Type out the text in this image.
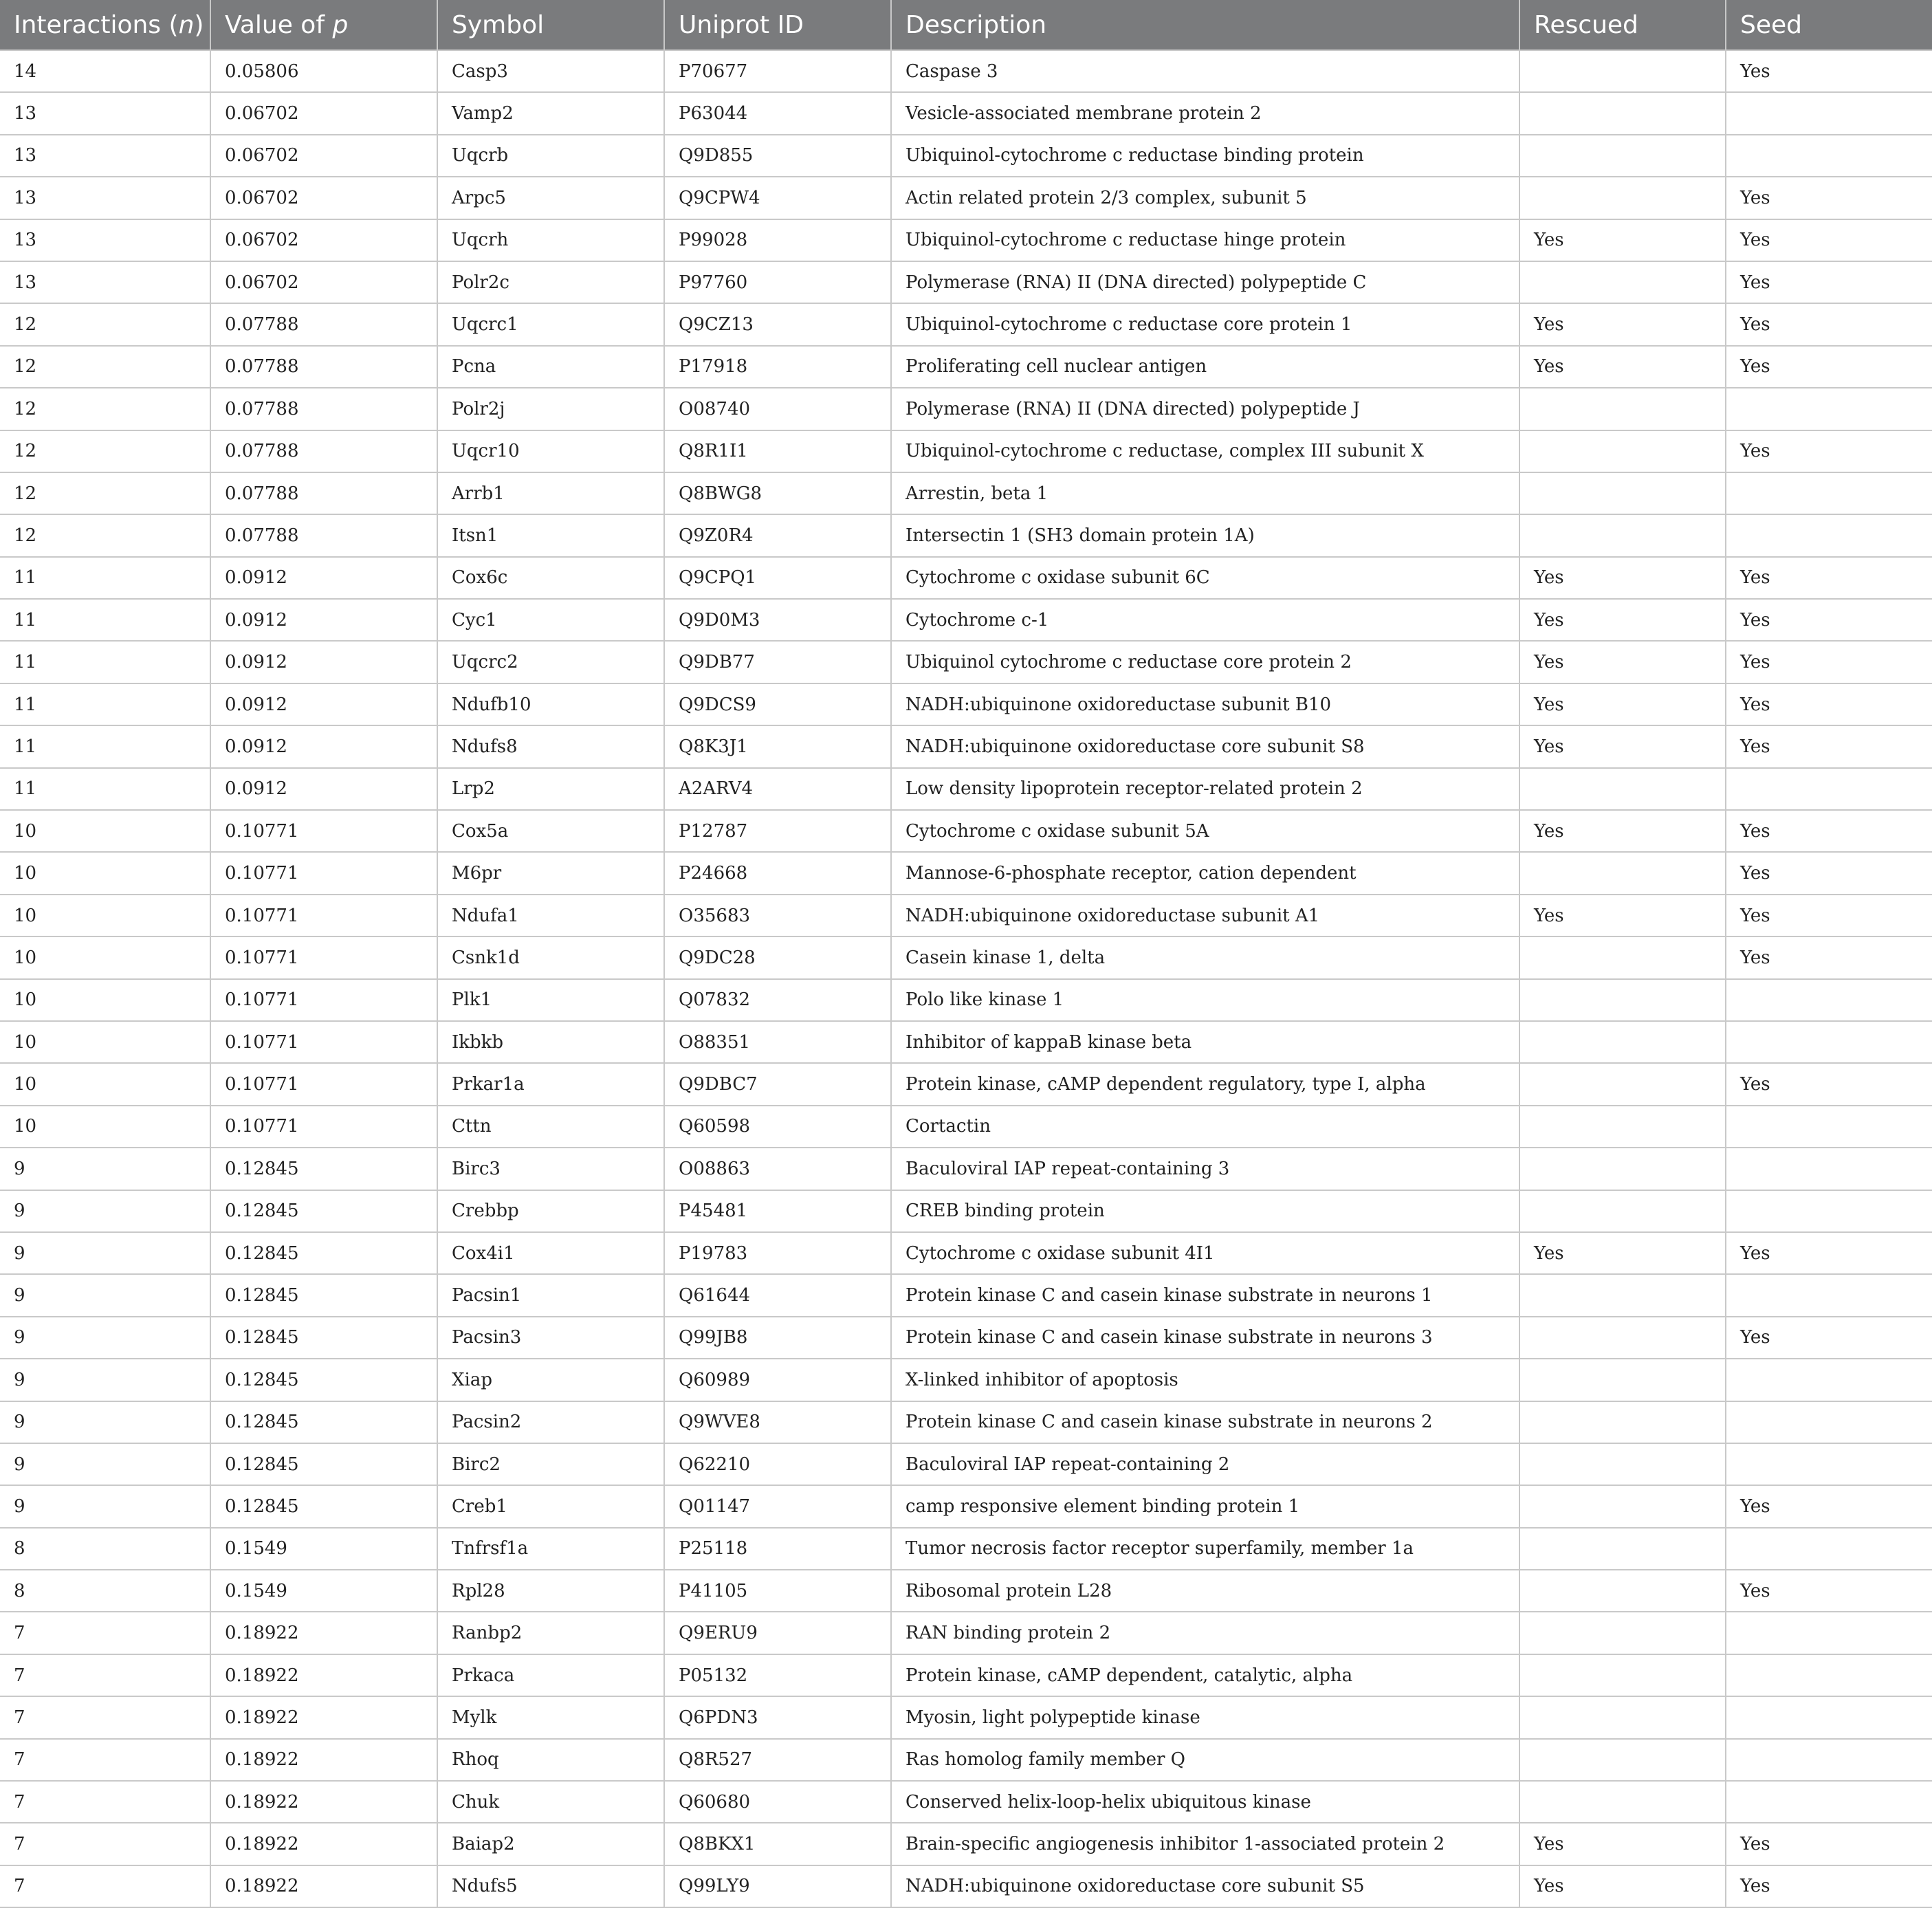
Interactions (n)	Value of p	Symbol	Uniprot ID	Description	Rescued	Seed
14	0.05806	Casp3	P70677	Caspase 3		Yes
13	0.06702	Vamp2	P63044	Vesicle-associated membrane protein 2		
13	0.06702	Uqcrb	Q9D855	Ubiquinol-cytochrome c reductase binding protein		
13	0.06702	Arpc5	Q9CPW4	Actin related protein 2/3 complex, subunit 5		Yes
13	0.06702	Uqcrh	P99028	Ubiquinol-cytochrome c reductase hinge protein	Yes	Yes
13	0.06702	Polr2c	P97760	Polymerase (RNA) II (DNA directed) polypeptide C		Yes
12	0.07788	Uqcrc1	Q9CZ13	Ubiquinol-cytochrome c reductase core protein 1	Yes	Yes
12	0.07788	Pcna	P17918	Proliferating cell nuclear antigen	Yes	Yes
12	0.07788	Polr2j	O08740	Polymerase (RNA) II (DNA directed) polypeptide J		
12	0.07788	Uqcr10	Q8R1I1	Ubiquinol-cytochrome c reductase, complex III subunit X		Yes
12	0.07788	Arrb1	Q8BWG8	Arrestin, beta 1		
12	0.07788	Itsn1	Q9Z0R4	Intersectin 1 (SH3 domain protein 1A)		
11	0.0912	Cox6c	Q9CPQ1	Cytochrome c oxidase subunit 6C	Yes	Yes
11	0.0912	Cyc1	Q9D0M3	Cytochrome c-1	Yes	Yes
11	0.0912	Uqcrc2	Q9DB77	Ubiquinol cytochrome c reductase core protein 2	Yes	Yes
11	0.0912	Ndufb10	Q9DCS9	NADH:ubiquinone oxidoreductase subunit B10	Yes	Yes
11	0.0912	Ndufs8	Q8K3J1	NADH:ubiquinone oxidoreductase core subunit S8	Yes	Yes
11	0.0912	Lrp2	A2ARV4	Low density lipoprotein receptor-related protein 2		
10	0.10771	Cox5a	P12787	Cytochrome c oxidase subunit 5A	Yes	Yes
10	0.10771	M6pr	P24668	Mannose-6-phosphate receptor, cation dependent		Yes
10	0.10771	Ndufa1	O35683	NADH:ubiquinone oxidoreductase subunit A1	Yes	Yes
10	0.10771	Csnk1d	Q9DC28	Casein kinase 1, delta		Yes
10	0.10771	Plk1	Q07832	Polo like kinase 1		
10	0.10771	Ikbkb	O88351	Inhibitor of kappaB kinase beta		
10	0.10771	Prkar1a	Q9DBC7	Protein kinase, cAMP dependent regulatory, type I, alpha		Yes
10	0.10771	Cttn	Q60598	Cortactin		
9	0.12845	Birc3	O08863	Baculoviral IAP repeat-containing 3		
9	0.12845	Crebbp	P45481	CREB binding protein		
9	0.12845	Cox4i1	P19783	Cytochrome c oxidase subunit 4I1	Yes	Yes
9	0.12845	Pacsin1	Q61644	Protein kinase C and casein kinase substrate in neurons 1		
9	0.12845	Pacsin3	Q99JB8	Protein kinase C and casein kinase substrate in neurons 3		Yes
9	0.12845	Xiap	Q60989	X-linked inhibitor of apoptosis		
9	0.12845	Pacsin2	Q9WVE8	Protein kinase C and casein kinase substrate in neurons 2		
9	0.12845	Birc2	Q62210	Baculoviral IAP repeat-containing 2		
9	0.12845	Creb1	Q01147	camp responsive element binding protein 1		Yes
8	0.1549	Tnfrsf1a	P25118	Tumor necrosis factor receptor superfamily, member 1a		
8	0.1549	Rpl28	P41105	Ribosomal protein L28		Yes
7	0.18922	Ranbp2	Q9ERU9	RAN binding protein 2		
7	0.18922	Prkaca	P05132	Protein kinase, cAMP dependent, catalytic, alpha		
7	0.18922	Mylk	Q6PDN3	Myosin, light polypeptide kinase		
7	0.18922	Rhoq	Q8R527	Ras homolog family member Q		
7	0.18922	Chuk	Q60680	Conserved helix-loop-helix ubiquitous kinase		
7	0.18922	Baiap2	Q8BKX1	Brain-specific angiogenesis inhibitor 1-associated protein 2	Yes	Yes
7	0.18922	Ndufs5	Q99LY9	NADH:ubiquinone oxidoreductase core subunit S5	Yes	Yes
